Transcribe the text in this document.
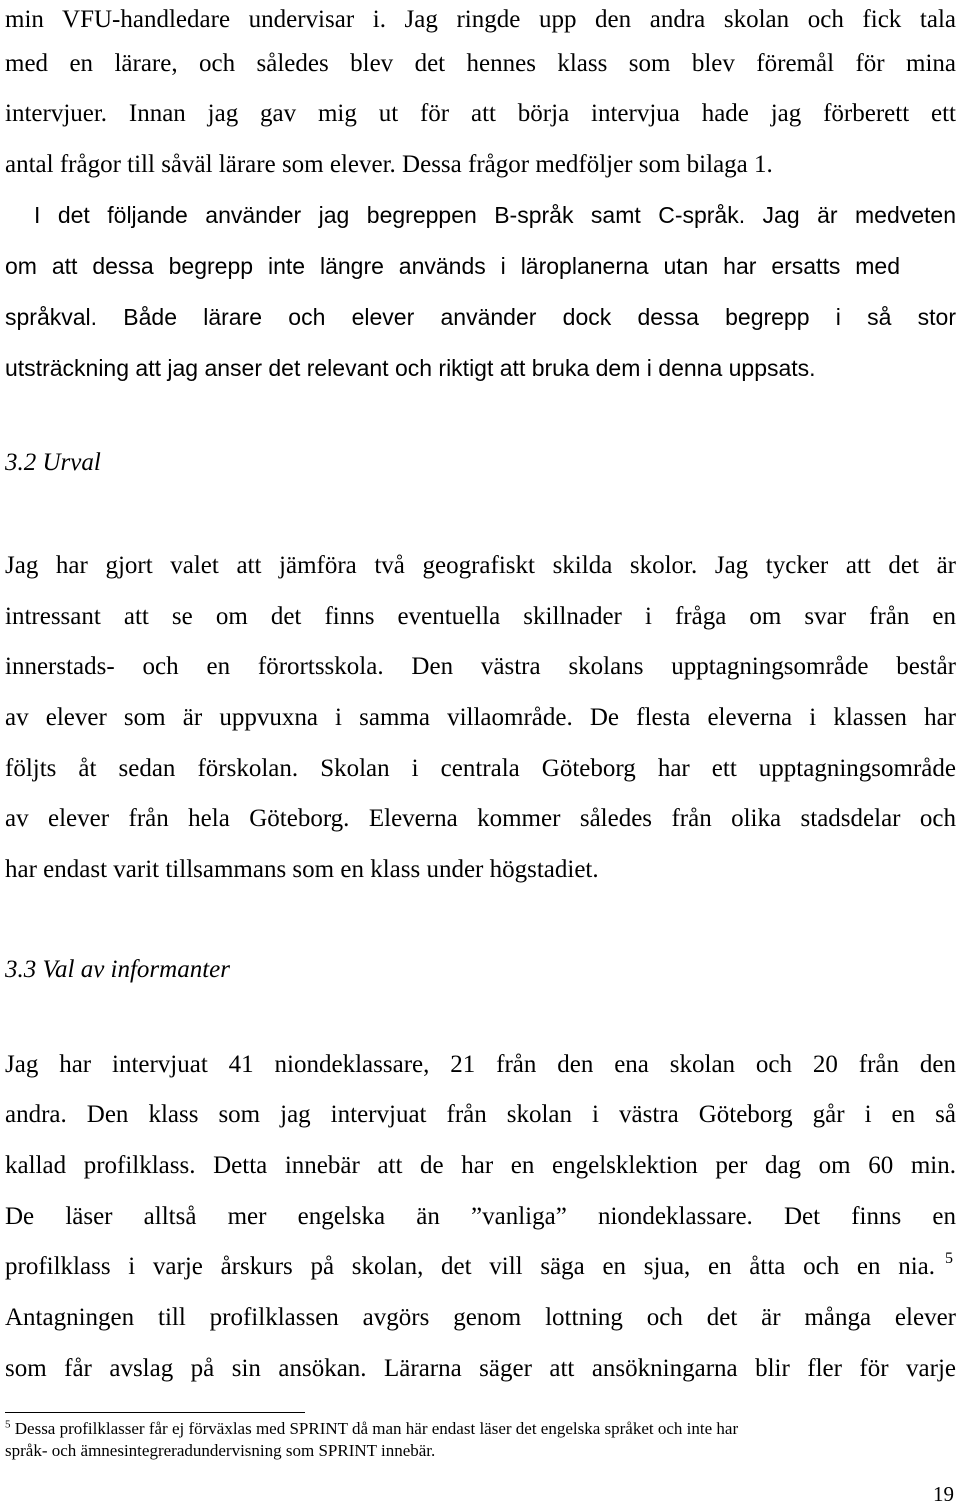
min VFU-handledare undervisar i. Jag ringde upp den andra skolan och fick tala
med en lärare, och således blev det hennes klass som blev föremål för mina
intervjuer. Innan jag gav mig ut för att börja intervjua hade jag förberett ett
antal frågor till såväl lärare som elever. Dessa frågor medföljer som bilaga 1.
I det följande använder jag begreppen B-språk samt C-språk. Jag är medveten
om att dessa begrepp inte längre används i läroplanerna utan har ersatts med
språkval. Både lärare och elever använder dock dessa begrepp i så stor
utsträckning att jag anser det relevant och riktigt att bruka dem i denna uppsats.
3.2 Urval
Jag har gjort valet att jämföra två geografiskt skilda skolor. Jag tycker att det är
intressant att se om det finns eventuella skillnader i fråga om svar från en
innerstads- och en förortsskola. Den västra skolans upptagningsområde består
av elever som är uppvuxna i samma villaområde. De flesta eleverna i klassen har
följts åt sedan förskolan. Skolan i centrala Göteborg har ett upptagningsområde
av elever från hela Göteborg. Eleverna kommer således från olika stadsdelar och
har endast varit tillsammans som en klass under högstadiet.
3.3 Val av informanter
Jag har intervjuat 41 niondeklassare, 21 från den ena skolan och 20 från den
andra. Den klass som jag intervjuat från skolan i västra Göteborg går i en så
kallad profilklass. Detta innebär att de har en engelsklektion per dag om 60 min.
De läser alltså mer engelska än ”vanliga” niondeklassare. Det finns en
profilklass i varje årskurs på skolan, det vill säga en sjua, en åtta och en nia. 5
Antagningen till profilklassen avgörs genom lottning och det är många elever
som får avslag på sin ansökan. Lärarna säger att ansökningarna blir fler för varje
$^5$ Dessa profilklasser får ej förväxlas med SPRINT då man här endast läser det engelska språket och inte har
språk- och ämnesintegreradundervisning som SPRINT innebär.
19
